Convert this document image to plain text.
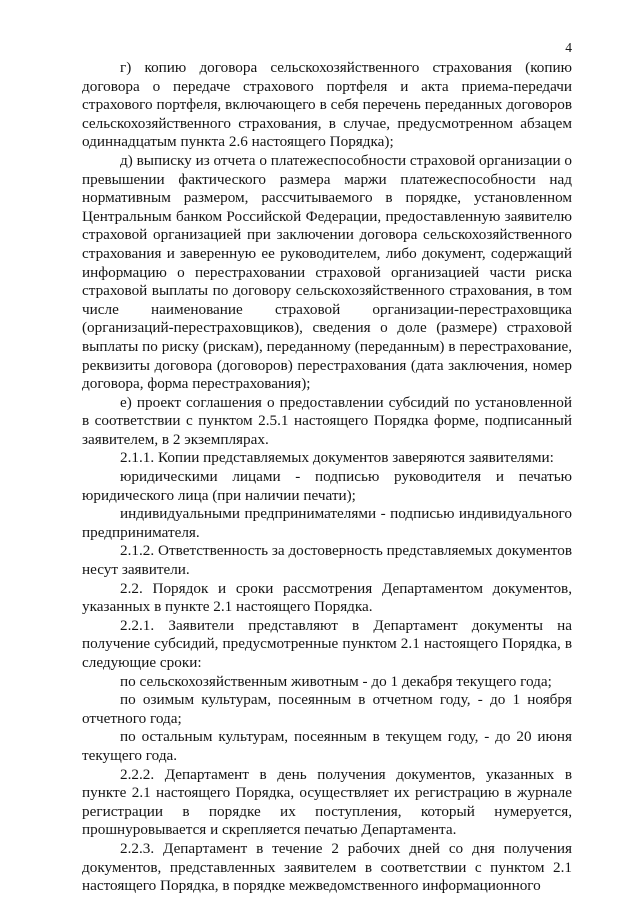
4

г) копию договора сельскохозяйственного страхования (копию договора о передаче страхового портфеля и акта приема-передачи страхового портфеля, включающего в себя перечень переданных договоров сельскохозяйственного страхования, в случае, предусмотренном абзацем одиннадцатым пункта 2.6 настоящего Порядка);

д) выписку из отчета о платежеспособности страховой организации о превышении фактического размера маржи платежеспособности над нормативным размером, рассчитываемого в порядке, установленном Центральным банком Российской Федерации, предоставленную заявителю страховой организацией при заключении договора сельскохозяйственного страхования и заверенную ее руководителем, либо документ, содержащий информацию о перестраховании страховой организацией части риска страховой выплаты по договору сельскохозяйственного страхования, в том числе наименование страховой организации-перестраховщика (организаций-перестраховщиков), сведения о доле (размере) страховой выплаты по риску (рискам), переданному (переданным) в перестрахование, реквизиты договора (договоров) перестрахования (дата заключения, номер договора, форма перестрахования);

е) проект соглашения о предоставлении субсидий по установленной в соответствии с пунктом 2.5.1 настоящего Порядка форме, подписанный заявителем, в 2 экземплярах.

2.1.1. Копии представляемых документов заверяются заявителями:

юридическими лицами - подписью руководителя и печатью юридического лица (при наличии печати);

индивидуальными предпринимателями - подписью индивидуального предпринимателя.

2.1.2. Ответственность за достоверность представляемых документов несут заявители.

2.2. Порядок и сроки рассмотрения Департаментом документов, указанных в пункте 2.1 настоящего Порядка.

2.2.1. Заявители представляют в Департамент документы на получение субсидий, предусмотренные пунктом 2.1 настоящего Порядка, в следующие сроки:

по сельскохозяйственным животным - до 1 декабря текущего года;

по озимым культурам, посеянным в отчетном году, - до 1 ноября отчетного года;

по остальным культурам, посеянным в текущем году, - до 20 июня текущего года.

2.2.2. Департамент в день получения документов, указанных в пункте 2.1 настоящего Порядка, осуществляет их регистрацию в журнале регистрации в порядке их поступления, который нумеруется, прошнуровывается и скрепляется печатью Департамента.

2.2.3. Департамент в течение 2 рабочих дней со дня получения документов, представленных заявителем в соответствии с пунктом 2.1 настоящего Порядка, в порядке межведомственного информационного
